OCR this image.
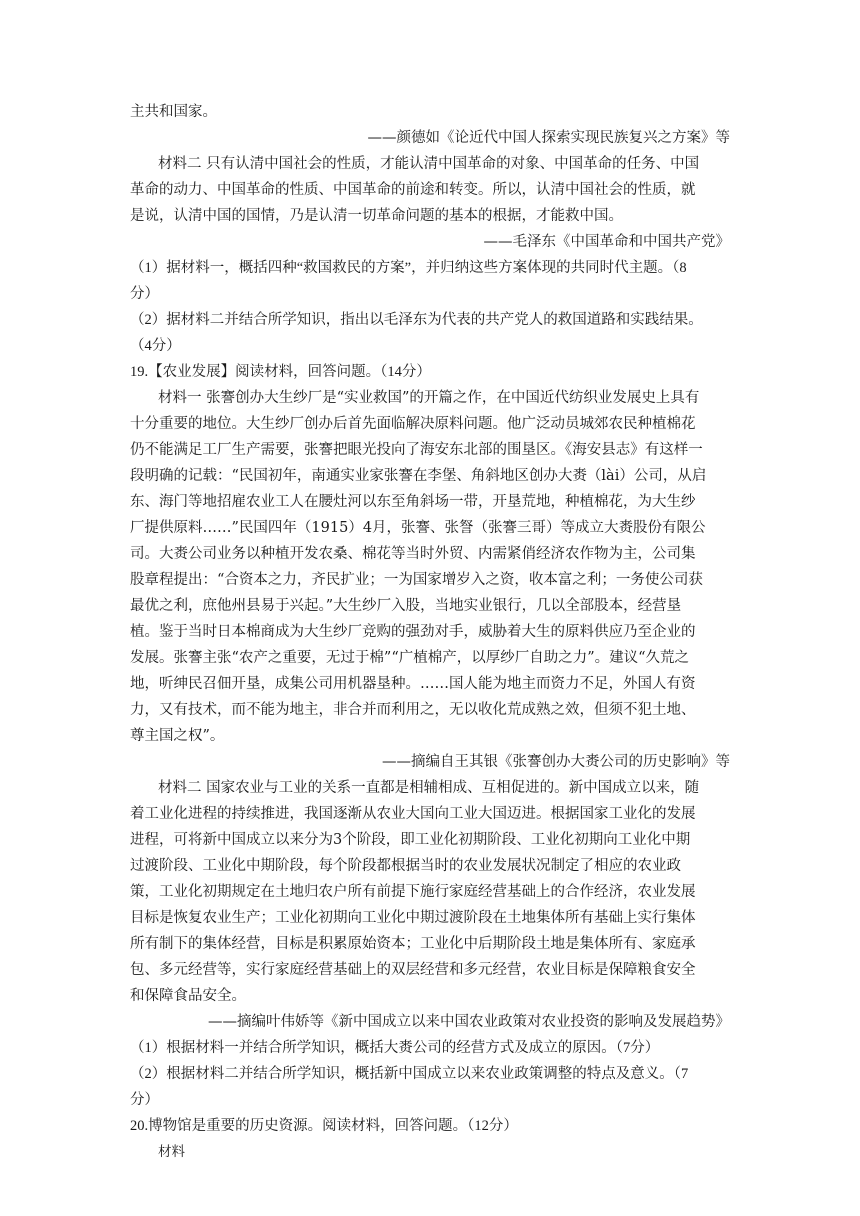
主共和国家。
——颜德如《论近代中国人探索实现民族复兴之方案》等
材料二 只有认清中国社会的性质，才能认清中国革命的对象、中国革命的任务、中国
革命的动力、中国革命的性质、中国革命的前途和转变。所以，认清中国社会的性质，就
是说，认清中国的国情，乃是认清一切革命问题的基本的根据，才能救中国。
——毛泽东《中国革命和中国共产党》
（1）据材料一，概括四种“救国救民的方案”，并归纳这些方案体现的共同时代主题。（8
分）
（2）据材料二并结合所学知识，指出以毛泽东为代表的共产党人的救国道路和实践结果。
（4分）
19.【农业发展】阅读材料，回答问题。（14分）
材料一 张謇创办大生纱厂是“实业救国”的开篇之作，在中国近代纺织业发展史上具有
十分重要的地位。大生纱厂创办后首先面临解决原料问题。他广泛动员城郊农民种植棉花
仍不能满足工厂生产需要，张謇把眼光投向了海安东北部的围垦区。《海安县志》有这样一
段明确的记载：“民国初年，南通实业家张謇在李堡、角斜地区创办大赉（lài）公司，从启
东、海门等地招雇农业工人在腰灶河以东至角斜场一带，开垦荒地，种植棉花，为大生纱
厂提供原料……”民国四年（1915）4月，张謇、张詧（张謇三哥）等成立大赉股份有限公
司。大赉公司业务以种植开发农桑、棉花等当时外贸、内需紧俏经济农作物为主，公司集
股章程提出：“合资本之力，齐民扩业；一为国家增岁入之资，收本富之利；一务使公司获
最优之利，庶他州县易于兴起。”大生纱厂入股，当地实业银行，几以全部股本，经营垦
植。鉴于当时日本棉商成为大生纱厂竞购的强劲对手，威胁着大生的原料供应乃至企业的
发展。张謇主张“农产之重要，无过于棉”“广植棉产，以厚纱厂自助之力”。建议“久荒之
地，听绅民召佃开垦，成集公司用机器垦种。……国人能为地主而资力不足，外国人有资
力，又有技术，而不能为地主，非合并而利用之，无以收化荒成熟之效，但须不犯土地、
尊主国之权”。
——摘编自王其银《张謇创办大赉公司的历史影响》等
材料二 国家农业与工业的关系一直都是相辅相成、互相促进的。新中国成立以来，随
着工业化进程的持续推进，我国逐渐从农业大国向工业大国迈进。根据国家工业化的发展
进程，可将新中国成立以来分为3个阶段，即工业化初期阶段、工业化初期向工业化中期
过渡阶段、工业化中期阶段，每个阶段都根据当时的农业发展状况制定了相应的农业政
策，工业化初期规定在土地归农户所有前提下施行家庭经营基础上的合作经济，农业发展
目标是恢复农业生产；工业化初期向工业化中期过渡阶段在土地集体所有基础上实行集体
所有制下的集体经营，目标是积累原始资本；工业化中后期阶段土地是集体所有、家庭承
包、多元经营等，实行家庭经营基础上的双层经营和多元经营，农业目标是保障粮食安全
和保障食品安全。
——摘编叶伟娇等《新中国成立以来中国农业政策对农业投资的影响及发展趋势》
（1）根据材料一并结合所学知识，概括大赉公司的经营方式及成立的原因。（7分）
（2）根据材料二并结合所学知识，概括新中国成立以来农业政策调整的特点及意义。（7
分）
20.博物馆是重要的历史资源。阅读材料，回答问题。（12分）
材料
